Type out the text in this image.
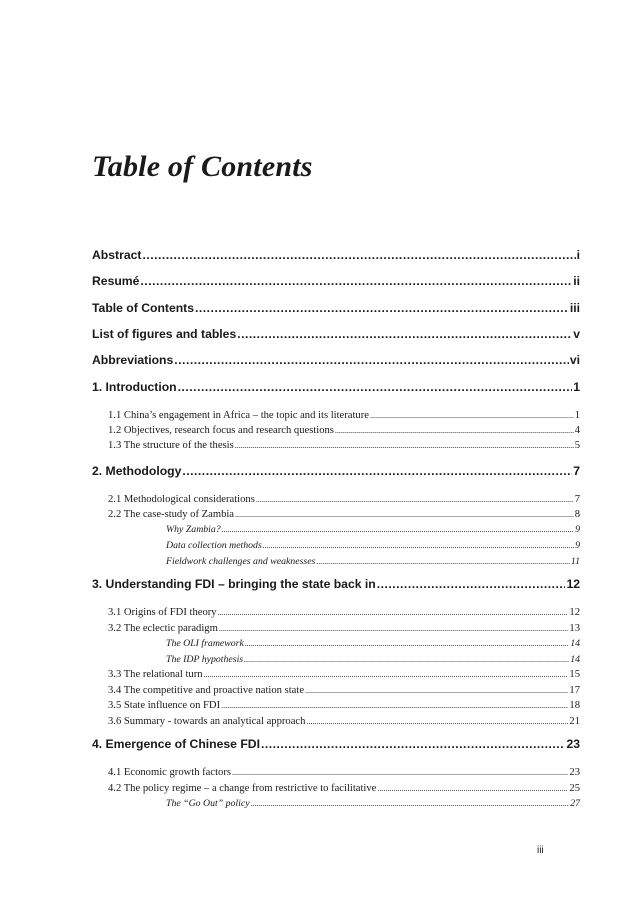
Table of Contents
Abstract .....	i
Resumé .....	ii
Table of Contents .....	iii
List of figures and tables .....	v
Abbreviations .....	vi
1. Introduction .....	1
1.1 China’s engagement in Africa – the topic and its literature .....	1
1.2 Objectives, research focus and research questions .....	4
1.3 The structure of the thesis .....	5
2. Methodology .....	7
2.1 Methodological considerations .....	7
2.2 The case-study of Zambia .....	8
Why Zambia? .....	9
Data collection methods .....	9
Fieldwork challenges and weaknesses .....	11
3. Understanding FDI – bringing the state back in .....	12
3.1 Origins of FDI theory .....	12
3.2 The eclectic paradigm .....	13
The OLI framework .....	14
The IDP hypothesis .....	14
3.3 The relational turn .....	15
3.4 The competitive and proactive nation state .....	17
3.5 State influence on FDI .....	18
3.6 Summary - towards an analytical approach .....	21
4. Emergence of Chinese FDI .....	23
4.1 Economic growth factors .....	23
4.2 The policy regime – a change from restrictive to facilitative .....	25
The “Go Out” policy .....	27
iii
